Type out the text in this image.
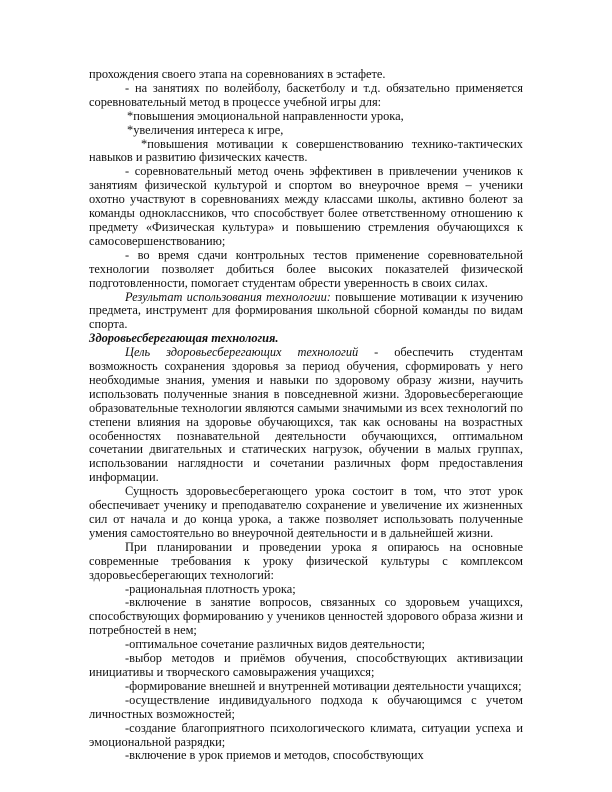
прохождения своего этапа на соревнованиях в эстафете.

- на занятиях по волейболу, баскетболу и т.д. обязательно применяется соревновательный метод в процессе учебной игры для:

*повышения эмоциональной направленности урока,

*увеличения интереса к игре,

*повышения мотивации к совершенствованию технико-тактических навыков и развитию физических качеств.

- соревновательный метод очень эффективен в привлечении учеников к занятиям физической культурой и спортом во внеурочное время – ученики охотно участвуют в соревнованиях между классами школы, активно болеют за команды одноклассников, что способствует более ответственному отношению к предмету «Физическая культура» и повышению стремления обучающихся к самосовершенствованию;

- во время сдачи контрольных тестов применение соревновательной технологии позволяет добиться более высоких показателей физической подготовленности, помогает студентам обрести уверенность в своих силах.

Результат использования технологии: повышение мотивации к изучению предмета, инструмент для формирования школьной сборной команды по видам спорта.

Здоровьесберегающая технология.

Цель здоровьесберегающих технологий - обеспечить студентам возможность сохранения здоровья за период обучения, сформировать у него необходимые знания, умения и навыки по здоровому образу жизни, научить использовать полученные знания в повседневной жизни. Здоровьесберегающие образовательные технологии являются самыми значимыми из всех технологий по степени влияния на здоровье обучающихся, так как основаны на возрастных особенностях познавательной деятельности обучающихся, оптимальном сочетании двигательных и статических нагрузок, обучении в малых группах, использовании наглядности и сочетании различных форм предоставления информации.

Сущность здоровьесберегающего урока состоит в том, что этот урок обеспечивает ученику и преподавателю сохранение и увеличение их жизненных сил от начала и до конца урока, а также позволяет использовать полученные умения самостоятельно во внеурочной деятельности и в дальнейшей жизни.

При планировании и проведении урока я опираюсь на основные современные требования к уроку физической культуры с комплексом здоровьесберегающих технологий:

-рациональная плотность урока;

-включение в занятие вопросов, связанных со здоровьем учащихся, способствующих формированию у учеников ценностей здорового образа жизни и потребностей в нем;

-оптимальное сочетание различных видов деятельности;

-выбор методов и приёмов обучения, способствующих активизации инициативы и творческого самовыражения учащихся;

-формирование внешней и внутренней мотивации деятельности учащихся;

-осуществление индивидуального подхода к обучающимся с учетом личностных возможностей;

-создание благоприятного психологического климата, ситуации успеха и эмоциональной разрядки;

-включение в урок приемов и методов, способствующих
